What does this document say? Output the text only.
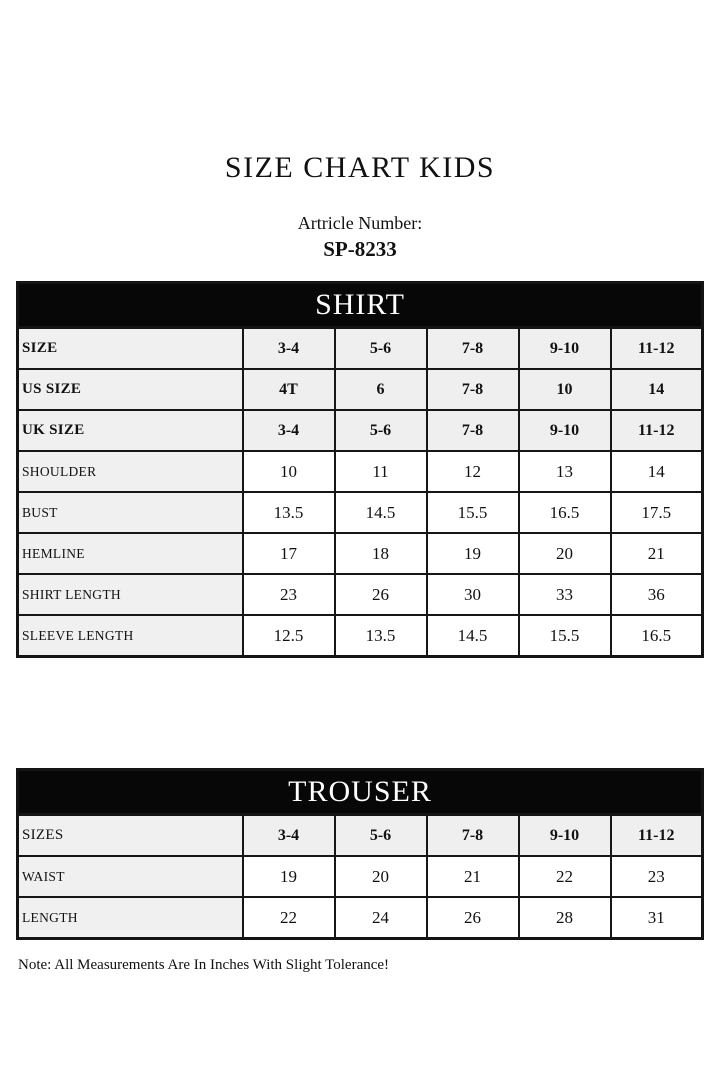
SIZE CHART KIDS
Artricle Number:
SP-8233
SHIRT					
SIZE	3-4	5-6	7-8	9-10	11-12
US SIZE	4T	6	7-8	10	14
UK SIZE	3-4	5-6	7-8	9-10	11-12
SHOULDER	10	11	12	13	14
BUST	13.5	14.5	15.5	16.5	17.5
HEMLINE	17	18	19	20	21
SHIRT LENGTH	23	26	30	33	36
SLEEVE LENGTH	12.5	13.5	14.5	15.5	16.5
TROUSER					
SIZES	3-4	5-6	7-8	9-10	11-12
WAIST	19	20	21	22	23
LENGTH	22	24	26	28	31
Note: All Measurements Are In Inches With Slight Tolerance!
